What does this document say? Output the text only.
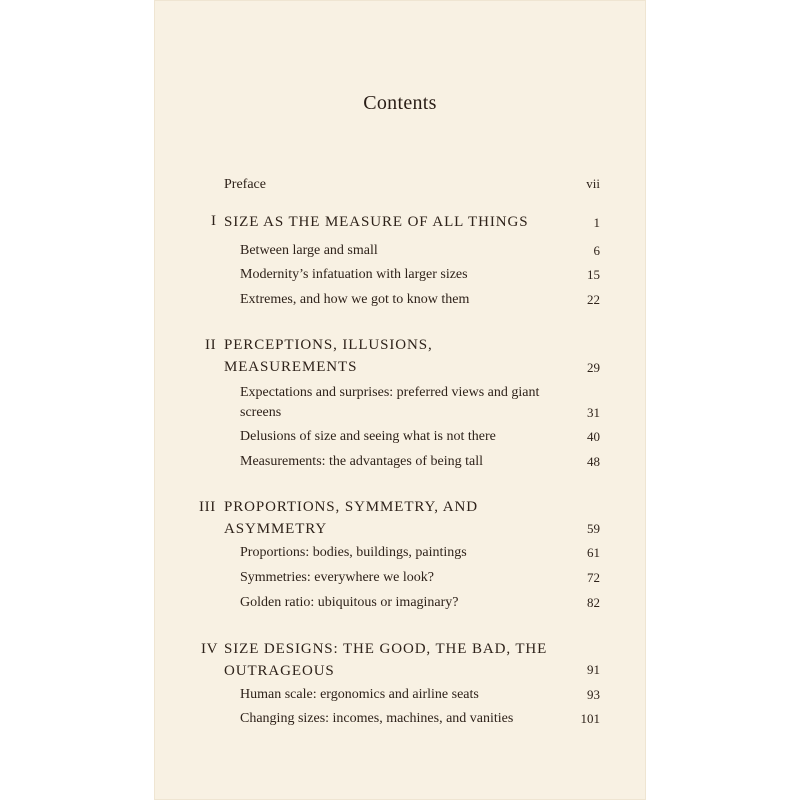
Contents
Preface	vii
I SIZE AS THE MEASURE OF ALL THINGS	1
Between large and small	6
Modernity’s infatuation with larger sizes	15
Extremes, and how we got to know them	22
II PERCEPTIONS, ILLUSIONS, MEASUREMENTS	29
Expectations and surprises: preferred views and giant screens	31
Delusions of size and seeing what is not there	40
Measurements: the advantages of being tall	48
III PROPORTIONS, SYMMETRY, AND ASYMMETRY	59
Proportions: bodies, buildings, paintings	61
Symmetries: everywhere we look?	72
Golden ratio: ubiquitous or imaginary?	82
IV SIZE DESIGNS: THE GOOD, THE BAD, THE OUTRAGEOUS	91
Human scale: ergonomics and airline seats	93
Changing sizes: incomes, machines, and vanities	101
